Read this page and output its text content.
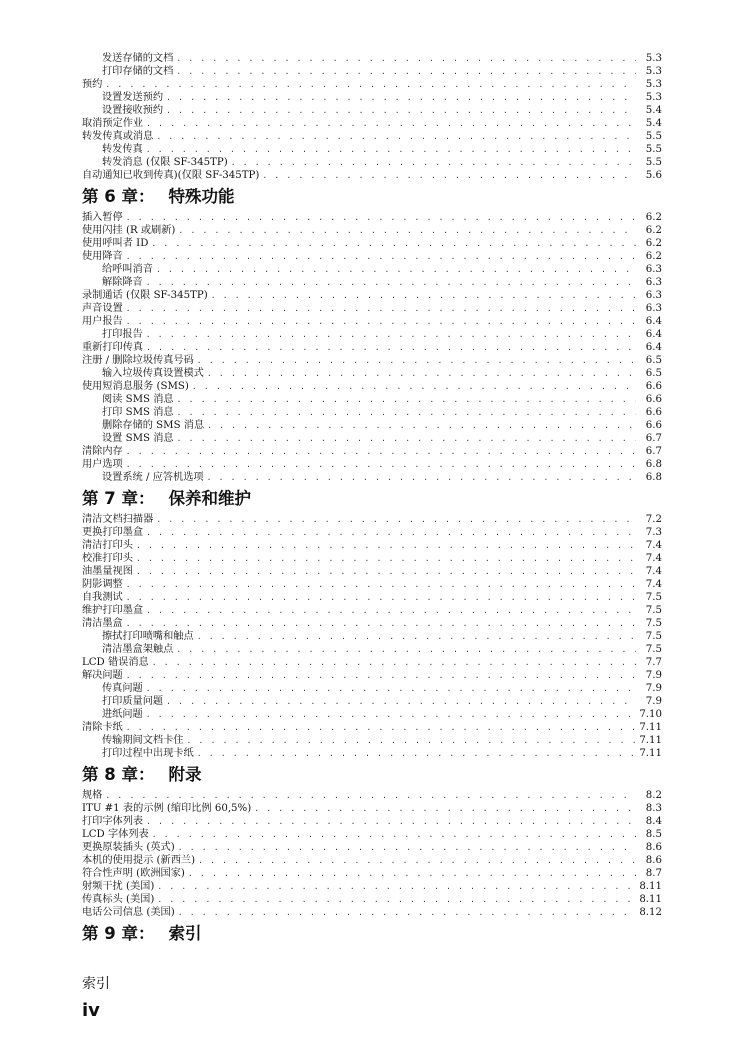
发送存储的文档 . . .	5.3
打印存储的文档 . . .	5.3
预约 . . .	5.3
设置发送预约 . . .	5.3
设置接收预约 . . .	5.4
取消预定作业 . . .	5.4
转发传真或消息 . . .	5.5
转发传真 . . .	5.5
转发消息 (仅限 SF-345TP) . . .	5.5
自动通知已收到传真)(仅限 SF-345TP) . . .	5.6
第 6 章： 特殊功能
插入暂停 . . .	6.2
使用闪挂 (R 或刷新) . . .	6.2
使用呼叫者 ID . . .	6.2
使用降音 . . .	6.2
给呼叫消音 . . .	6.3
解除降音 . . .	6.3
录制通话 (仅限 SF-345TP) . . .	6.3
声音设置 . . .	6.3
用户报告 . . .	6.4
打印报告 . . .	6.4
重新打印传真 . . .	6.4
注册 / 删除垃圾传真号码 . . .	6.5
输入垃圾传真设置模式 . . .	6.5
使用短消息服务 (SMS) . . .	6.6
阅读 SMS 消息 . . .	6.6
打印 SMS 消息 . . .	6.6
删除存储的 SMS 消息 . . .	6.6
设置 SMS 消息 . . .	6.7
清除内存 . . .	6.7
用户选项 . . .	6.8
设置系统 / 应答机选项 . . .	6.8
第 7 章： 保养和维护
清洁文档扫描器 . . .	7.2
更换打印墨盒 . . .	7.3
清洁打印头 . . .	7.4
校准打印头 . . .	7.4
油墨量视图 . . .	7.4
阴影调整 . . .	7.4
自我测试 . . .	7.5
维护打印墨盒 . . .	7.5
清洁墨盒 . . .	7.5
擦拭打印喷嘴和触点 . . .	7.5
清洁墨盒架触点 . . .	7.5
LCD 错误消息 . . .	7.7
解决问题 . . .	7.9
传真问题 . . .	7.9
打印质量问题 . . .	7.9
进纸问题 . . .	7.10
清除卡纸 . . .	7.11
传输期间文档卡住 . . .	7.11
打印过程中出现卡纸 . . .	7.11
第 8 章： 附录
规格 . . .	8.2
ITU #1 表的示例 (缩印比例 60,5%) . . .	8.3
打印字体列表 . . .	8.4
LCD 字体列表 . . .	8.5
更换原装插头 (英式) . . .	8.6
本机的使用提示 (新西兰) . . .	8.6
符合性声明 (欧洲国家) . . .	8.7
射频干扰 (美国) . . .	8.11
传真标头 (美国) . . .	8.11
电话公司信息 (美国) . . .	8.12
第 9 章： 索引
索引
iv
